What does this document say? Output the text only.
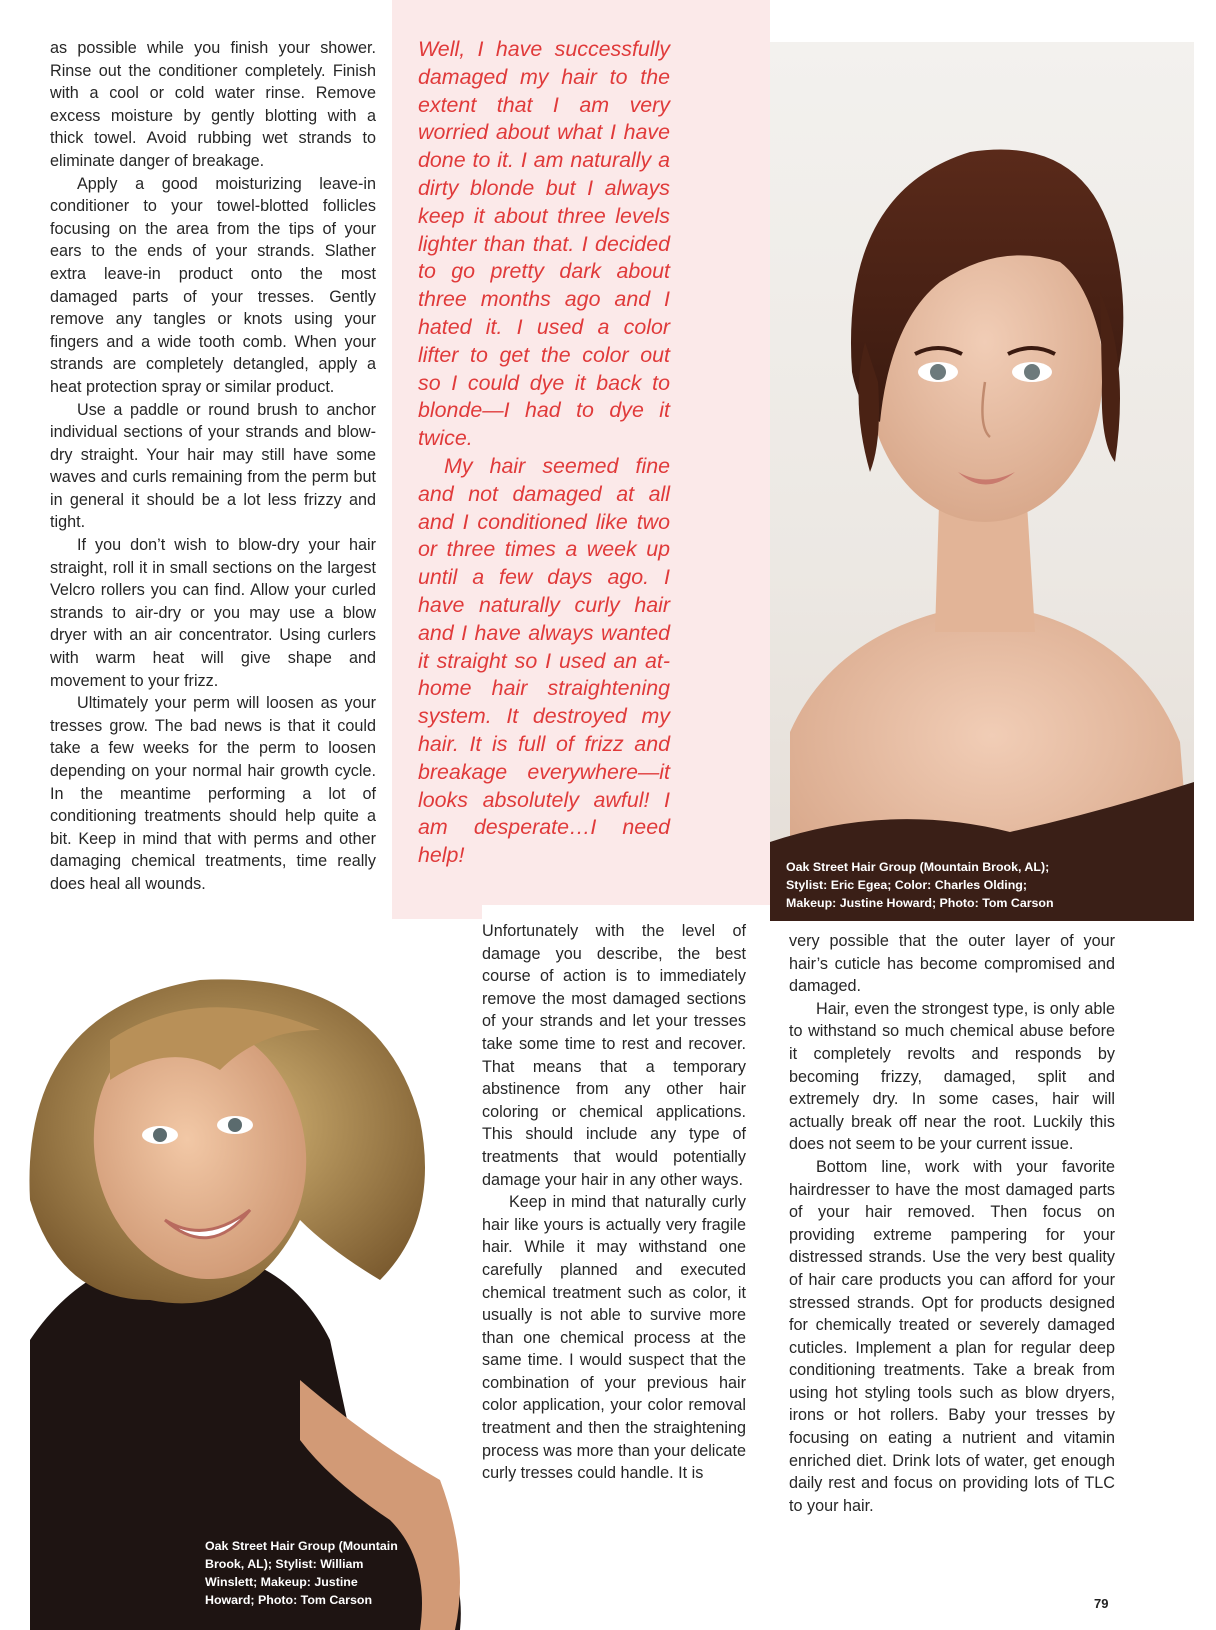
as possible while you finish your shower. Rinse out the conditioner completely. Finish with a cool or cold water rinse. Remove excess moisture by gently blotting with a thick towel. Avoid rubbing wet strands to eliminate danger of breakage.

Apply a good moisturizing leave-in conditioner to your towel-blotted follicles focusing on the area from the tips of your ears to the ends of your strands. Slather extra leave-in product onto the most damaged parts of your tresses. Gently remove any tangles or knots using your fingers and a wide tooth comb. When your strands are completely detangled, apply a heat protection spray or similar product.

Use a paddle or round brush to anchor individual sections of your strands and blow-dry straight. Your hair may still have some waves and curls remaining from the perm but in general it should be a lot less frizzy and tight.

If you don’t wish to blow-dry your hair straight, roll it in small sections on the largest Velcro rollers you can find. Allow your curled strands to air-dry or you may use a blow dryer with an air concentrator. Using curlers with warm heat will give shape and movement to your frizz.

Ultimately your perm will loosen as your tresses grow. The bad news is that it could take a few weeks for the perm to loosen depending on your normal hair growth cycle. In the meantime performing a lot of conditioning treatments should help quite a bit. Keep in mind that with perms and other damaging chemical treatments, time really does heal all wounds.

Well, I have successfully damaged my hair to the extent that I am very worried about what I have done to it. I am naturally a dirty blonde but I always keep it about three levels lighter than that. I decided to go pretty dark about three months ago and I hated it. I used a color lifter to get the color out so I could dye it back to blonde—I had to dye it twice.

My hair seemed fine and not damaged at all and I conditioned like two or three times a week up until a few days ago. I have naturally curly hair and I have always wanted it straight so I used an at-home hair straightening system. It destroyed my hair. It is full of frizz and breakage everywhere—it looks absolutely awful! I am desperate…I need help!	Oak Street Hair Group (Mountain Brook, AL);

Stylist: Eric Egea; Color: Charles Olding;

Makeup: Justine Howard; Photo: Tom Carson

Oak Street Hair Group (Mountain

Brook, AL); Stylist: William

Winslett; Makeup: Justine

Howard; Photo: Tom Carson

Unfortunately with the level of damage you describe, the best course of action is to immediately remove the most damaged sections of your strands and let your tresses take some time to rest and recover. That means that a temporary abstinence from any other hair coloring or chemical applications. This should include any type of treatments that would potentially damage your hair in any other ways.

Keep in mind that naturally curly hair like yours is actually very fragile hair. While it may withstand one carefully planned and executed chemical treatment such as color, it usually is not able to survive more than one chemical process at the same time. I would suspect that the combination of your previous hair color application, your color removal treatment and then the straightening process was more than your delicate curly tresses could handle. It is

very possible that the outer layer of your hair’s cuticle has become compromised and damaged.

Hair, even the strongest type, is only able to withstand so much chemical abuse before it completely revolts and responds by becoming frizzy, damaged, split and extremely dry. In some cases, hair will actually break off near the root. Luckily this does not seem to be your current issue.

Bottom line, work with your favorite hairdresser to have the most damaged parts of your hair removed. Then focus on providing extreme pampering for your distressed strands. Use the very best quality of hair care products you can afford for your stressed strands. Opt for products designed for chemically treated or severely damaged cuticles. Implement a plan for regular deep conditioning treatments. Take a break from using hot styling tools such as blow dryers, irons or hot rollers. Baby your tresses by focusing on eating a nutrient and vitamin enriched diet. Drink lots of water, get enough daily rest and focus on providing lots of TLC to your hair.

79
